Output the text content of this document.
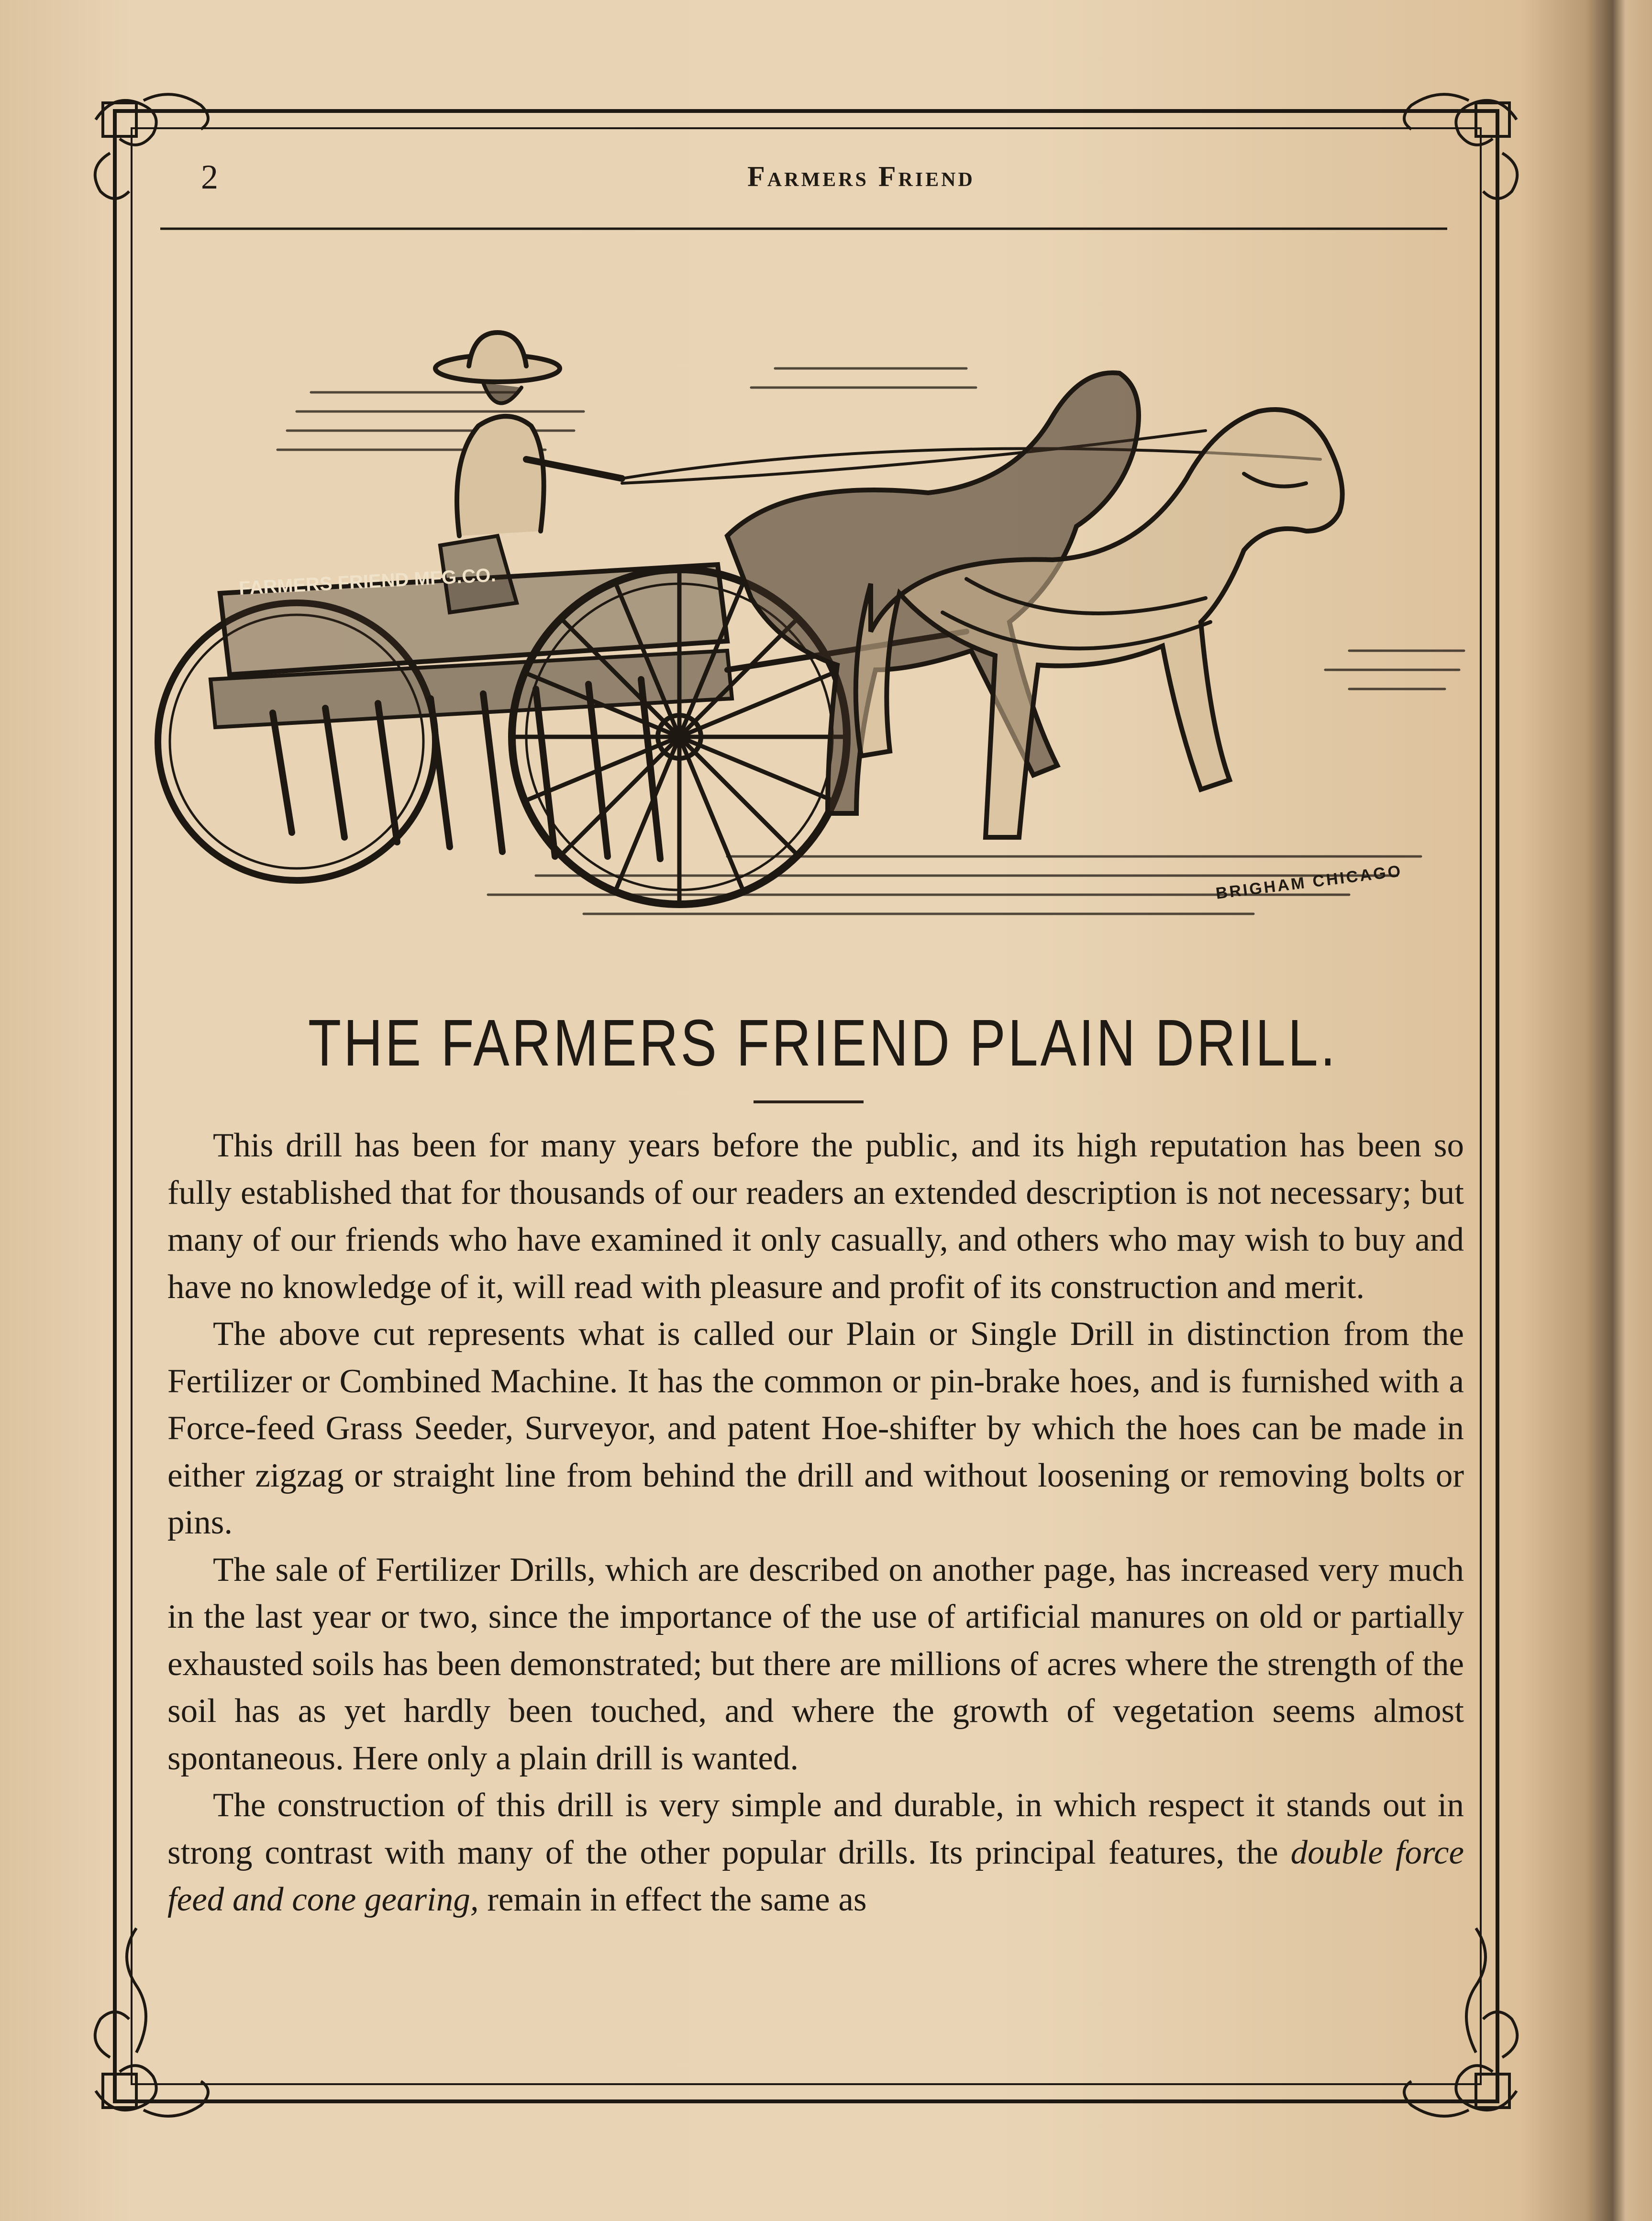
2	Farmers Friend
FARMERS FRIEND MFG.CO.
BRIGHAM CHICAGO
THE FARMERS FRIEND PLAIN DRILL.

This drill has been for many years before the public, and its high reputation has been so fully established that for thousands of our readers an extended description is not necessary; but many of our friends who have examined it only casually, and others who may wish to buy and have no knowledge of it, will read with pleasure and profit of its construction and merit.

The above cut represents what is called our Plain or Single Drill in distinction from the Fertilizer or Combined Machine. It has the common or pin-brake hoes, and is furnished with a Force-feed Grass Seeder, Surveyor, and patent Hoe-shifter by which the hoes can be made in either zigzag or straight line from behind the drill and without loosening or removing bolts or pins.

The sale of Fertilizer Drills, which are described on another page, has increased very much in the last year or two, since the importance of the use of artificial manures on old or partially exhausted soils has been demonstrated; but there are millions of acres where the strength of the soil has as yet hardly been touched, and where the growth of vegetation seems almost spontaneous. Here only a plain drill is wanted.

The construction of this drill is very simple and durable, in which respect it stands out in strong contrast with many of the other popular drills. Its principal features, the double force feed and cone gearing, remain in effect the same as
